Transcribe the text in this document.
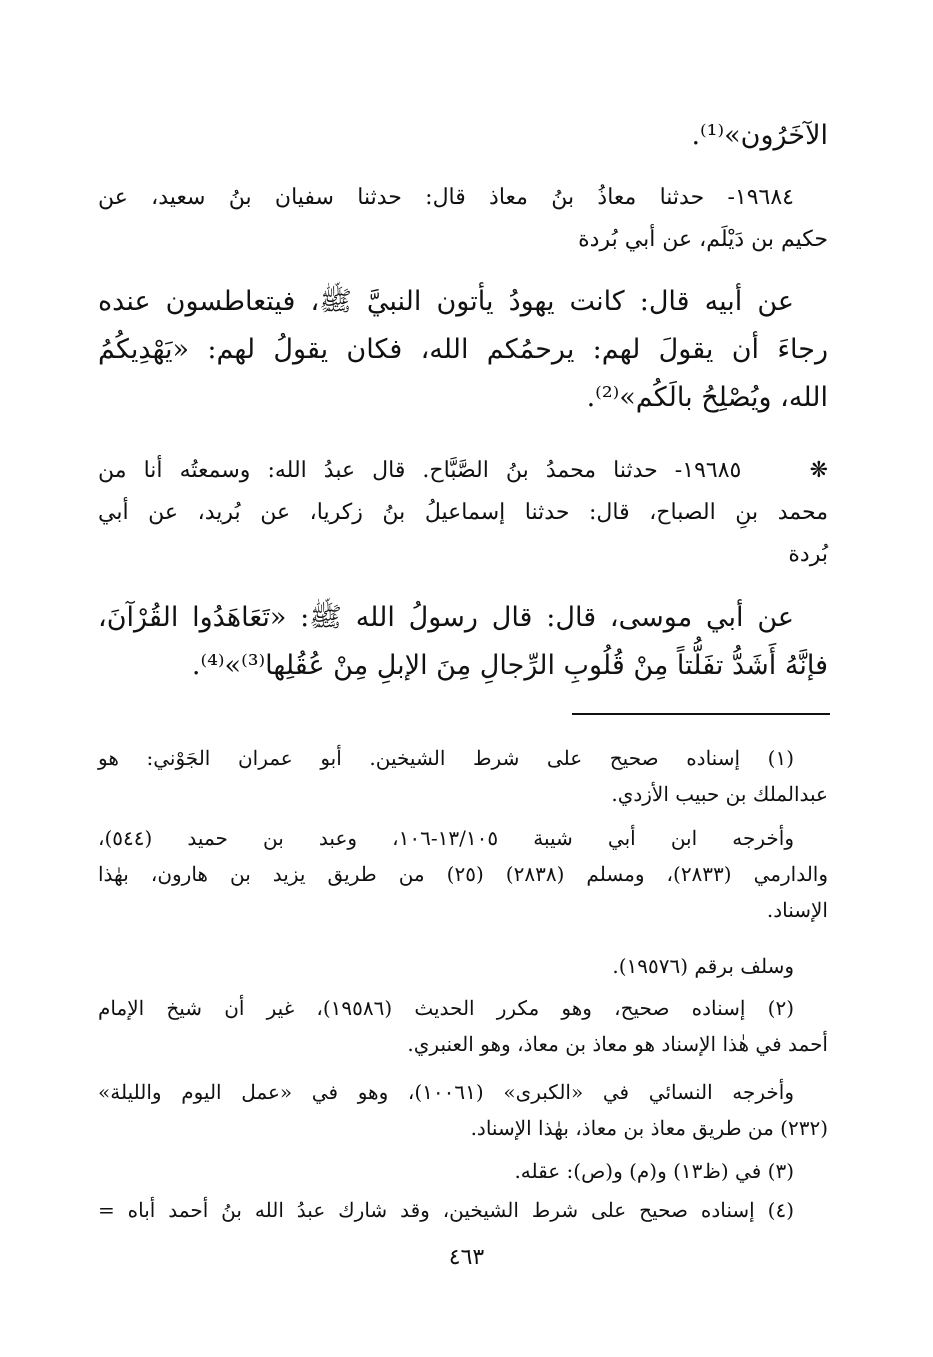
الآخَرُون»⁽¹⁾.
١٩٦٨٤- حدثنا معاذُ بنُ معاذ قال: حدثنا سفيان بنُ سعيد، عن
حكيم بن دَيْلَم، عن أبي بُردة
عن أبيه قال: كانت يهودُ يأتون النبيَّ ﷺ، فيتعاطسون عنده
رجاءَ أن يقولَ لهم: يرحمُكم الله، فكان يقولُ لهم: «يَهْدِيكُمُ
الله، ويُصْلِحُ بالَكُم»⁽²⁾.
❋    ١٩٦٨٥- حدثنا محمدُ بنُ الصَّبَّاح. قال عبدُ الله: وسمعتُه أنا من
محمد بنِ الصباح، قال: حدثنا إسماعيلُ بنُ زكريا، عن بُريد، عن أبي
بُردة
عن أبي موسى، قال: قال رسولُ الله ﷺ: «تَعَاهَدُوا القُرْآنَ،
فإنَّهُ أَشَدُّ تفَلُّتاً مِنْ قُلُوبِ الرِّجالِ مِنَ الإبلِ مِنْ عُقُلِها⁽³⁾»⁽⁴⁾.
(١) إسناده صحيح على شرط الشيخين. أبو عمران الجَوْني: هو
عبدالملك بن حبيب الأزدي.
وأخرجه ابن أبي شيبة ١٣/١٠٥-١٠٦، وعبد بن حميد (٥٤٤)،
والدارمي (٢٨٣٣)، ومسلم (٢٨٣٨) (٢٥) من طريق يزيد بن هارون، بهٰذا
الإسناد.
وسلف برقم (١٩٥٧٦).
(٢) إسناده صحيح، وهو مكرر الحديث (١٩٥٨٦)، غير أن شيخ الإمام
أحمد في هٰذا الإسناد هو معاذ بن معاذ، وهو العنبري.
وأخرجه النسائي في «الكبرى» (١٠٠٦١)، وهو في «عمل اليوم والليلة»
(٢٣٢) من طريق معاذ بن معاذ، بهٰذا الإسناد.
(٣) في (ظ١٣) و(م) و(ص): عقله.
(٤) إسناده صحيح على شرط الشيخين، وقد شارك عبدُ الله بنُ أحمد أباه =
٤٦٣
